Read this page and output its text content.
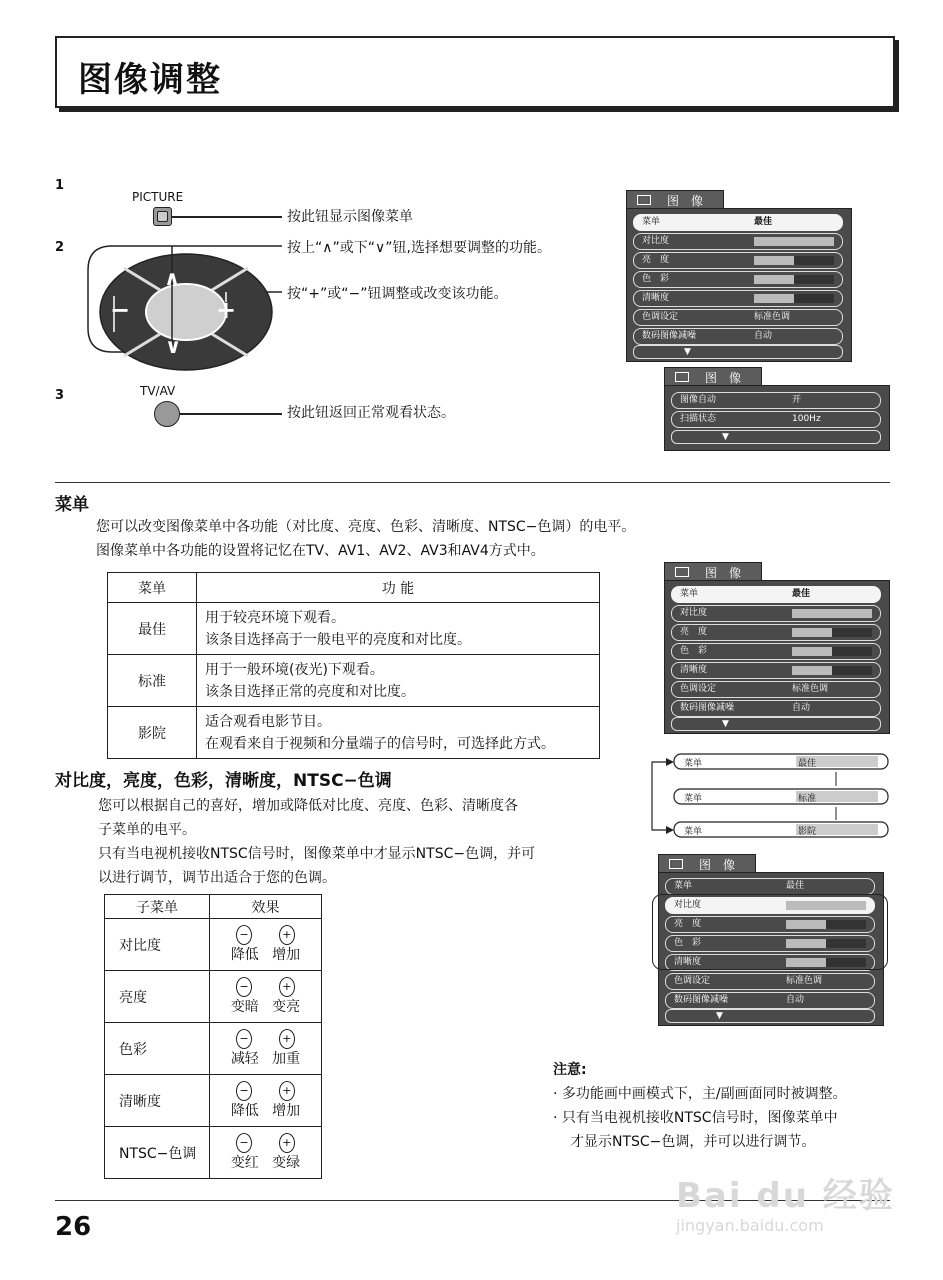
图像调整
1
2
3
PICTURE
按此钮显示图像菜单
∧
∨
−	+
按上“∧”或下“∨”钮,选择想要调整的功能。
按“+”或“−”钮调整或改变该功能。
TV/AV
按此钮返回正常观看状态。
菜单	最佳
对比度
亮　度
色　彩
清晰度
色调设定	标准色调
数码图像减噪	自动
▼
图　像
图像自动	开
扫描状态	100Hz
▼
图　像
菜单
您可以改变图像菜单中各功能（对比度、亮度、色彩、清晰度、NTSC−色调）的电平。
图像菜单中各功能的设置将记忆在TV、AV1、AV2、AV3和AV4方式中。
菜单	功 能
最佳	用于较亮环境下观看。
该条目选择高于一般电平的亮度和对比度。

标准	用于一般环境(夜光)下观看。
该条目选择正常的亮度和对比度。

影院	适合观看电影节目。
在观看来自于视频和分量端子的信号时，可选择此方式。
菜单	最佳
对比度
亮　度
色　彩
清晰度
色调设定	标准色调
数码图像减噪	自动
▼
图　像
菜单	最佳
菜单	标准
菜单	影院
对比度，亮度，色彩，清晰度，NTSC−色调
您可以根据自己的喜好，增加或降低对比度、亮度、色彩、清晰度各
子菜单的电平。
只有当电视机接收NTSC信号时，图像菜单中才显示NTSC−色调，并可
以进行调节，调节出适合于您的色调。
子菜单	效果
对比度	− +
降低 增加

亮度	− +
变暗 变亮

色彩	− +
减轻 加重

清晰度	− +
降低 增加

NTSC−色调	− +
变红 变绿
菜单	最佳
对比度
亮　度
色　彩
清晰度
色调设定	标准色调
数码图像减噪	自动
▼
图　像
注意:
· 多功能画中画模式下，主/副画面同时被调整。
· 只有当电视机接收NTSC信号时，图像菜单中
才显示NTSC−色调，并可以进行调节。
26
Bai du 经验
jingyan.baidu.com
